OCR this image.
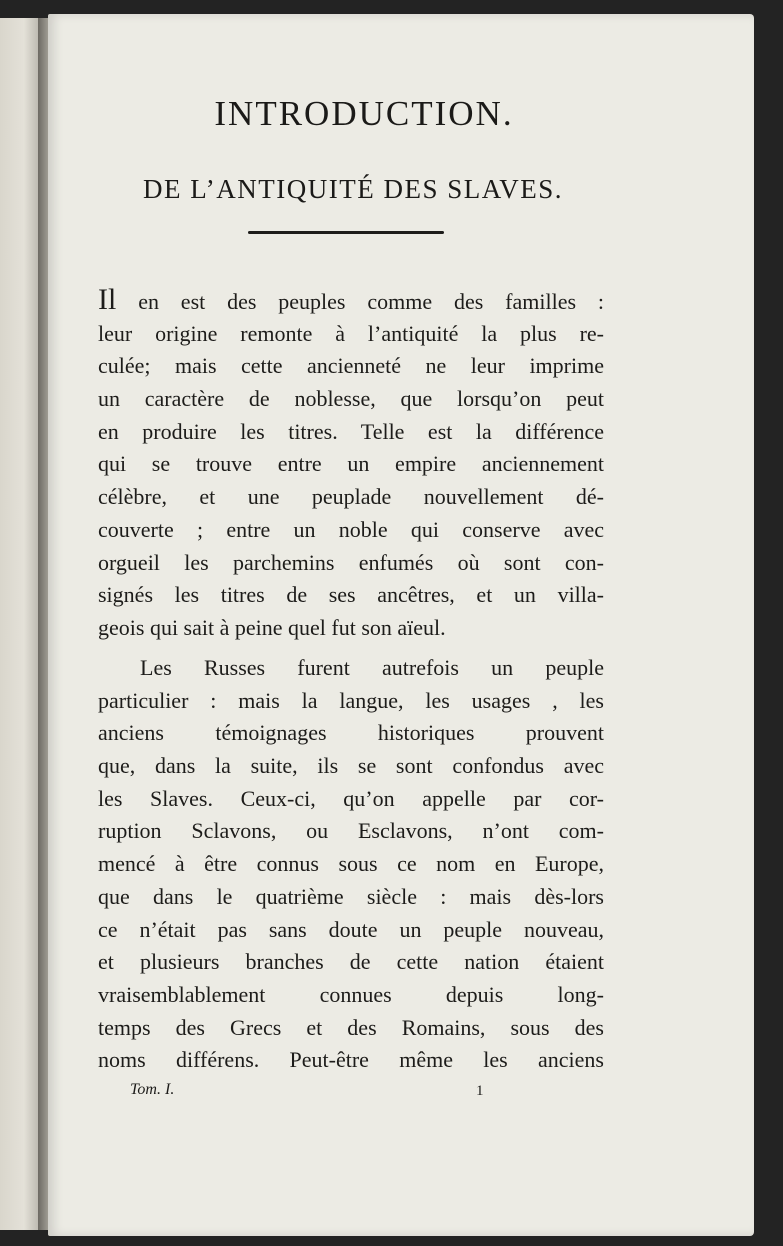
INTRODUCTION.
DE L’ANTIQUITÉ DES SLAVES.
Il en est des peuples comme des familles :
leur origine remonte à l’antiquité la plus re-
culée; mais cette ancienneté ne leur imprime
un caractère de noblesse, que lorsqu’on peut
en produire les titres. Telle est la différence
qui se trouve entre un empire anciennement
célèbre, et une peuplade nouvellement dé-
couverte ; entre un noble qui conserve avec
orgueil les parchemins enfumés où sont con-
signés les titres de ses ancêtres, et un villa-
geois qui sait à peine quel fut son aïeul.
Les Russes furent autrefois un peuple
particulier : mais la langue, les usages , les
anciens témoignages historiques prouvent
que, dans la suite, ils se sont confondus avec
les Slaves. Ceux-ci, qu’on appelle par cor-
ruption Sclavons, ou Esclavons, n’ont com-
mencé à être connus sous ce nom en Europe,
que dans le quatrième siècle : mais dès-lors
ce n’était pas sans doute un peuple nouveau,
et plusieurs branches de cette nation étaient
vraisemblablement connues depuis long-
temps des Grecs et des Romains, sous des
noms différens. Peut-être même les anciens
Tom. I.	1
